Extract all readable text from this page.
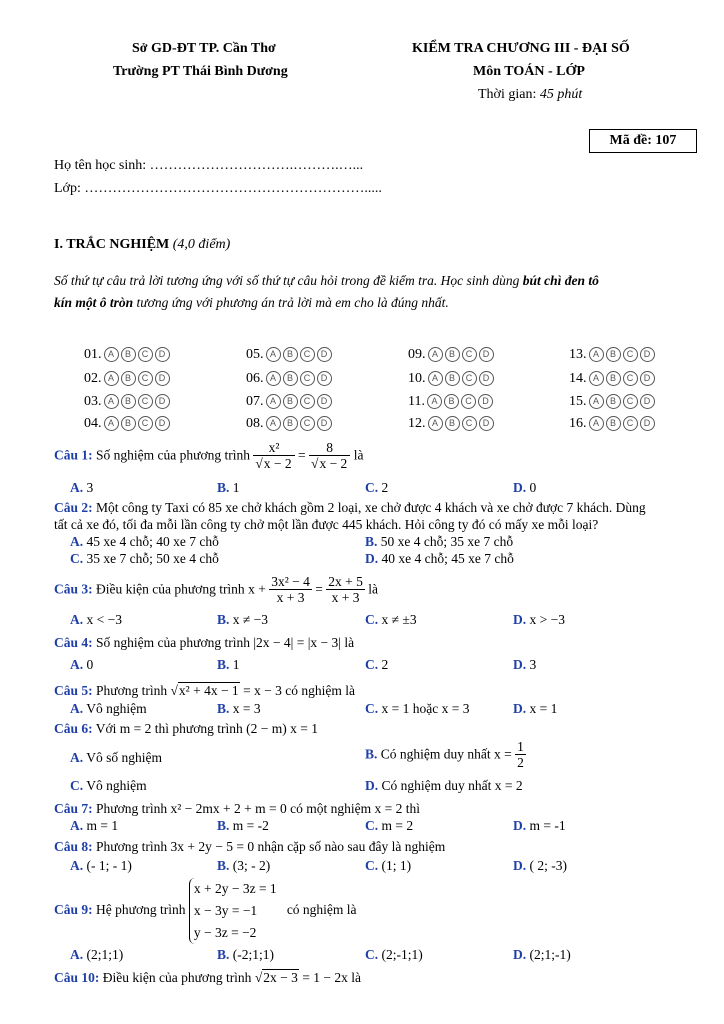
Sở GD-ĐT TP. Cần Thơ
Trường PT Thái Bình Dương
KIỂM TRA CHƯƠNG III - ĐẠI SỐ
Môn TOÁN - LỚP
Thời gian: 45 phút
Mã đề: 107
Họ tên học sinh: ………………………….……….…...
Lớp: …………………………………………………….....
I. TRẮC NGHIỆM (4,0 điểm)
Số thứ tự câu trả lời tương ứng với số thứ tự câu hỏi trong đề kiểm tra. Học sinh dùng bút chì đen tô
kín một ô tròn tương ứng với phương án trả lời mà em cho là đúng nhất.
01. A B C D	05. A B C D	09. A B C D	13. A B C D
02. A B C D	06. A B C D	10. A B C D	14. A B C D
03. A B C D	07. A B C D	11. A B C D	15. A B C D
04. A B C D	08. A B C D	12. A B C D	16. A B C D
Câu 1: Số nghiệm của phương trình $\frac{\text{x²}}{√x - 2} = \frac{8}{√x - 2}$ là
A. 3	B. 1	C. 2	D. 0
Câu 2: Một công ty Taxi có 85 xe chở khách gồm 2 loại, xe chở được 4 khách và xe chở được 7 khách. Dùng
tất cả xe đó, tối đa mỗi lần công ty chở một lần được 445 khách. Hỏi công ty đó có mấy xe mỗi loại?
A. 45 xe 4 chỗ; 40 xe 7 chỗ	B. 50 xe 4 chỗ; 35 xe 7 chỗ
C. 35 xe 7 chỗ; 50 xe 4 chỗ	D. 40 xe 4 chỗ; 45 xe 7 chỗ
Câu 3: Điều kiện của phương trình $x + \frac{\text{3x² − 4}}{x + 3} = \frac{2x + 5}{x + 3}$ là
A. x < −3	B. x ≠ −3	C. x ≠ ±3	D. x > −3
Câu 4: Số nghiệm của phương trình |2x − 4| = |x − 3| là
A. 0	B. 1	C. 2	D. 3
Câu 5: Phương trình √x² + 4x − 1 = x − 3 có nghiệm là
A. Vô nghiệm	B. x = 3	C. x = 1 hoặc x = 3	D. x = 1
Câu 6: Với m = 2 thì phương trình (2 − m) x = 1
A. Vô số nghiệm	B. Có nghiệm duy nhất $x = \frac{1}{2}$
C. Vô nghiệm	D. Có nghiệm duy nhất x = 2
Câu 7: Phương trình x² − 2mx + 2 + m = 0 có một nghiệm x = 2 thì
A. m = 1	B. m = -2	C. m = 2	D. m = -1
Câu 8: Phương trình 3x + 2y − 5 = 0 nhận cặp số nào sau đây là nghiệm
A. (- 1; - 1)	B. (3; - 2)	C. (1; 1)	D. ( 2; -3)
Câu 9: Hệ phương trình x + 2y − 3z = 1
x − 3y = −1
y − 3z = −2   có nghiệm là
A. (2;1;1)	B. (-2;1;1)	C. (2;-1;1)	D. (2;1;-1)
Câu 10: Điều kiện của phương trình √2x − 3 = 1 − 2x là
